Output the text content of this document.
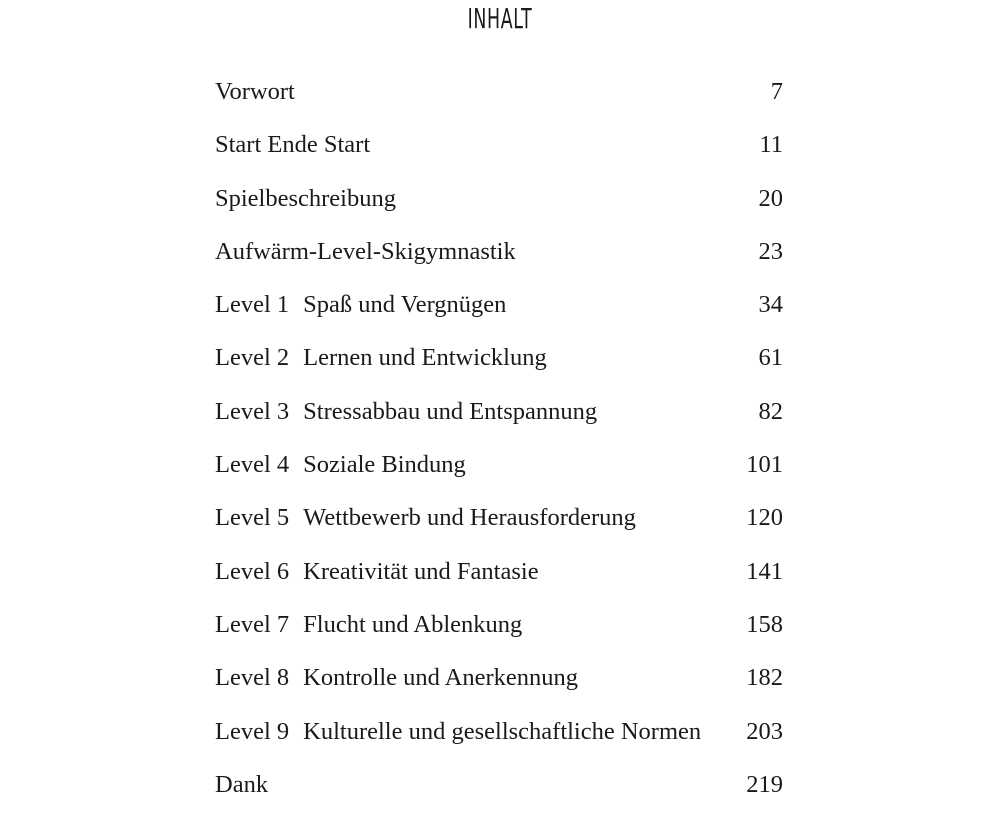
INHALT
Vorwort	7
Start Ende Start	11
Spielbeschreibung	20
Aufwärm-Level-Skigymnastik	23
Level 1 Spaß und Vergnügen	34
Level 2 Lernen und Entwicklung	61
Level 3 Stressabbau und Entspannung	82
Level 4 Soziale Bindung	101
Level 5 Wettbewerb und Herausforderung	120
Level 6 Kreativität und Fantasie	141
Level 7 Flucht und Ablenkung	158
Level 8 Kontrolle und Anerkennung	182
Level 9 Kulturelle und gesellschaftliche Normen 203
Dank	219
